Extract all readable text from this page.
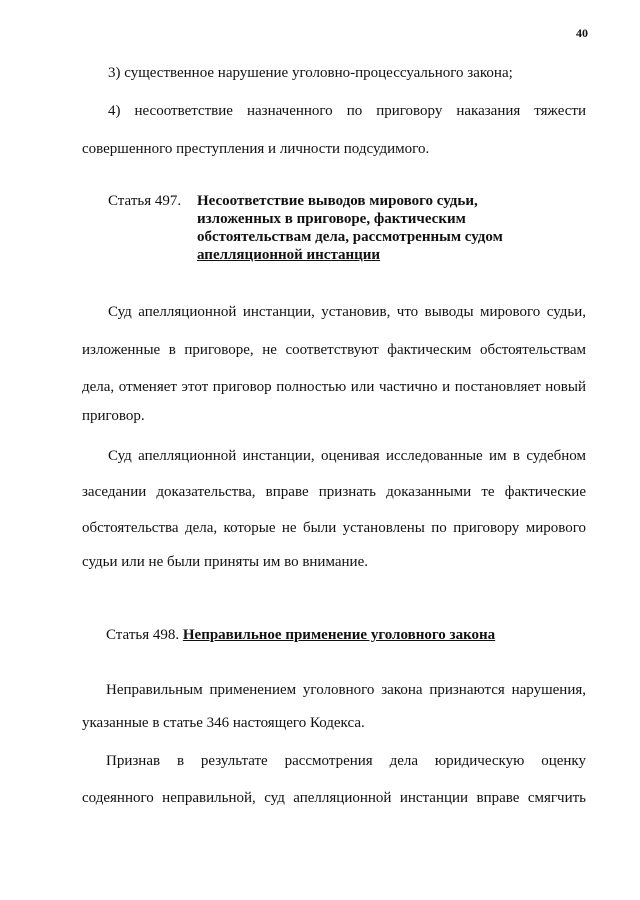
40
3) существенное нарушение уголовно-процессуального закона;
4) несоответствие назначенного по приговору наказания тяжести
совершенного преступления и личности подсудимого.
Статья 497. Несоответствие выводов мирового судьи,
изложенных в приговоре, фактическим
обстоятельствам дела, рассмотренным судом
апелляционной инстанции
Суд апелляционной инстанции, установив, что выводы мирового судьи,
изложенные в приговоре, не соответствуют фактическим обстоятельствам
дела, отменяет этот приговор полностью или частично и постановляет новый
приговор.
Суд апелляционной инстанции, оценивая исследованные им в судебном
заседании доказательства, вправе признать доказанными те фактические
обстоятельства дела, которые не были установлены по приговору мирового
судьи или не были приняты им во внимание.
Статья 498. Неправильное применение уголовного закона
Неправильным применением уголовного закона признаются нарушения,
указанные в статье 346 настоящего Кодекса.
Признав в результате рассмотрения дела юридическую оценку
содеянного неправильной, суд апелляционной инстанции вправе смягчить
